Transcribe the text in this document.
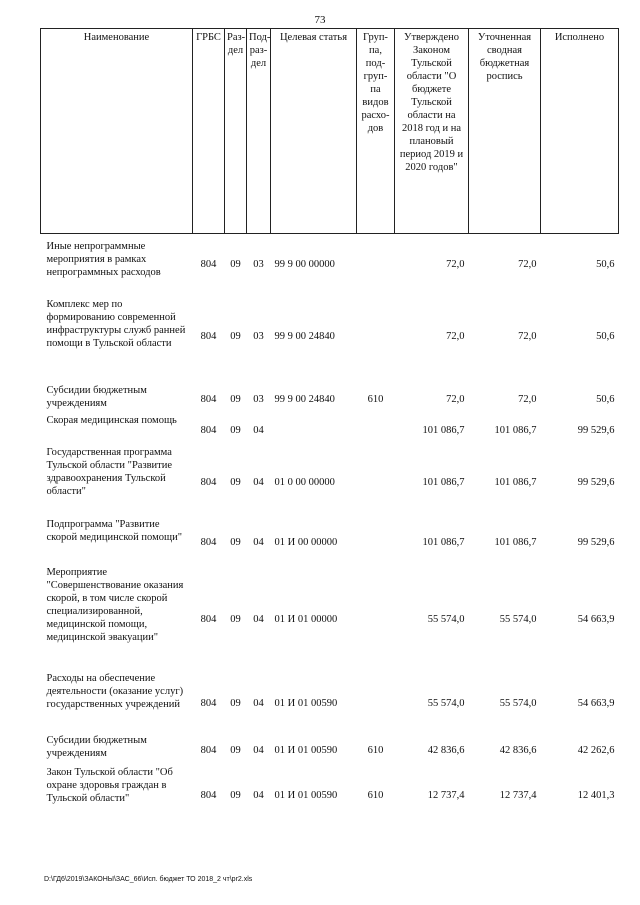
73
Наименование	ГРБС	Раз-дел	Под-раз-дел	Целевая статья	Груп-па, под-груп-па видов расхо-дов	Утверждено Законом Тульской области "О бюджете Тульской области на 2018 год и на плановый период 2019 и 2020 годов"	Уточненная сводная бюджетная роспись	Исполнено

Иные непрограммные мероприятия в рамках непрограммных расходов	804	09	03	99 9 00 00000		72,0	72,0	50,6
Комплекс мер по формированию современной инфраструктуры служб ранней помощи в Тульской области	804	09	03	99 9 00 24840		72,0	72,0	50,6
Субсидии бюджетным учреждениям	804	09	03	99 9 00 24840	610	72,0	72,0	50,6
Скорая медицинская помощь	804	09	04			101 086,7	101 086,7	99 529,6
Государственная программа Тульской области "Развитие здравоохранения Тульской области"	804	09	04	01 0 00 00000		101 086,7	101 086,7	99 529,6
Подпрограмма "Развитие скорой медицинской помощи"	804	09	04	01 И 00 00000		101 086,7	101 086,7	99 529,6
Мероприятие "Совершенствование оказания скорой, в том числе скорой специализированной, медицинской помощи, медицинской эвакуации"	804	09	04	01 И 01 00000		55 574,0	55 574,0	54 663,9
Расходы на обеспечение деятельности (оказание услуг) государственных учреждений	804	09	04	01 И 01 00590		55 574,0	55 574,0	54 663,9
Субсидии бюджетным учреждениям	804	09	04	01 И 01 00590	610	42 836,6	42 836,6	42 262,6
Закон Тульской области "Об охране здоровья граждан в Тульской области"	804	09	04	01 И 01 00590	610	12 737,4	12 737,4	12 401,3
D:\ГД6\2019\ЗАКОНЫ\ЗАС_66\Исп. бюджет ТО 2018_2 чт\pr2.xls
